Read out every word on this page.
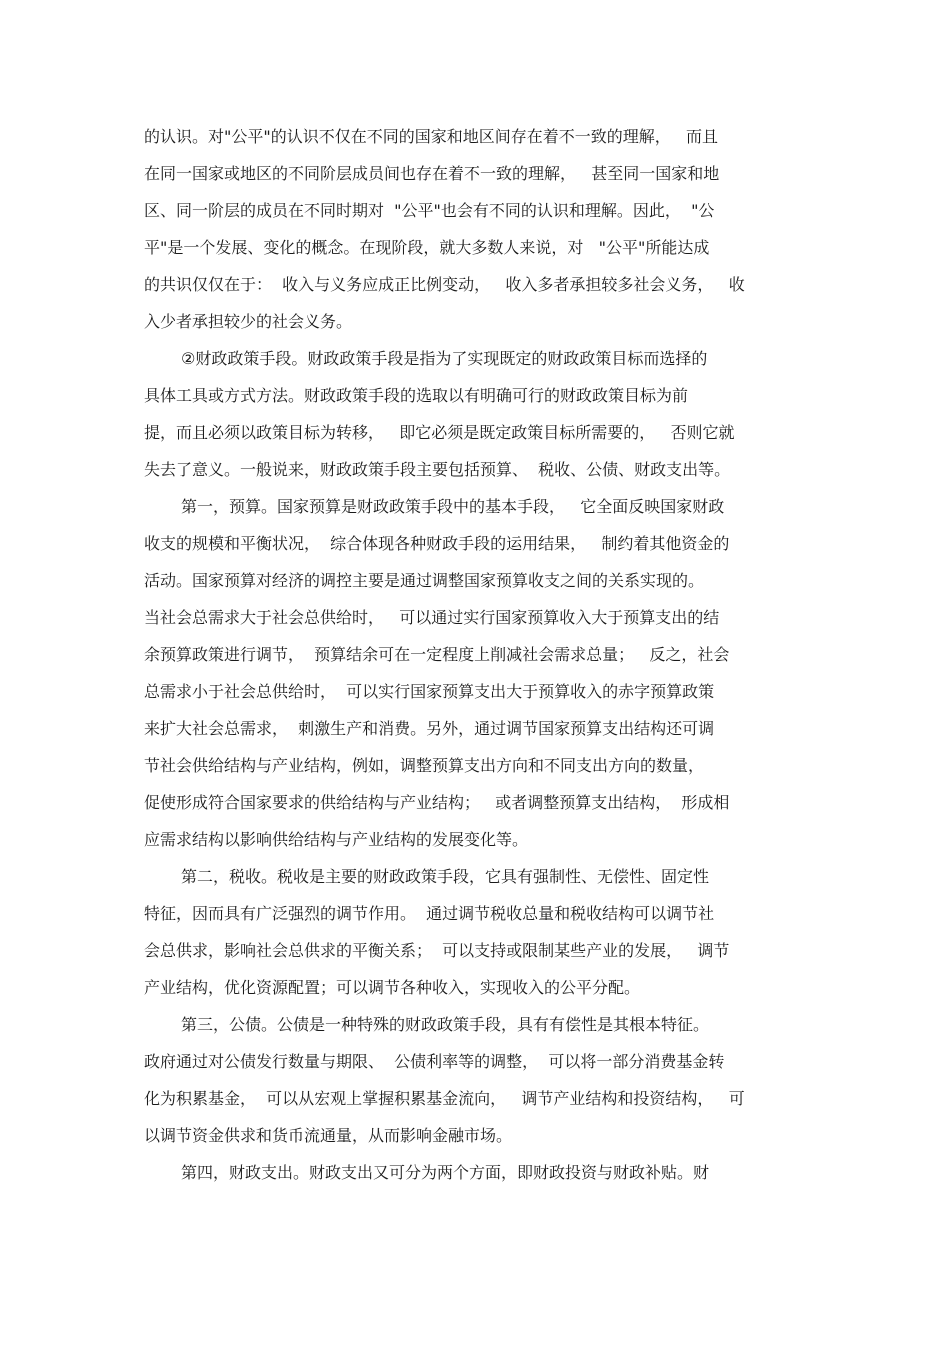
的认识。对"公平"的认识不仅在不同的国家和地区间存在着不一致的理解，   而且
在同一国家或地区的不同阶层成员间也存在着不一致的理解，   甚至同一国家和地
区、同一阶层的成员在不同时期对  "公平"也会有不同的认识和理解。因此，  "公
平"是一个发展、变化的概念。在现阶段，就大多数人来说，对   "公平"所能达成
的共识仅仅在于：  收入与义务应成正比例变动，   收入多者承担较多社会义务，   收
入少者承担较少的社会义务。
②财政政策手段。财政政策手段是指为了实现既定的财政政策目标而选择的
具体工具或方式方法。财政政策手段的选取以有明确可行的财政政策目标为前
提，而且必须以政策目标为转移，   即它必须是既定政策目标所需要的，   否则它就
失去了意义。一般说来，财政政策手段主要包括预算、  税收、公债、财政支出等。
第一，预算。国家预算是财政政策手段中的基本手段，   它全面反映国家财政
收支的规模和平衡状况，  综合体现各种财政手段的运用结果，   制约着其他资金的
活动。国家预算对经济的调控主要是通过调整国家预算收支之间的关系实现的。
当社会总需求大于社会总供给时，   可以通过实行国家预算收入大于预算支出的结
余预算政策进行调节，  预算结余可在一定程度上削减社会需求总量；   反之，社会
总需求小于社会总供给时，  可以实行国家预算支出大于预算收入的赤字预算政策
来扩大社会总需求，  刺激生产和消费。另外，通过调节国家预算支出结构还可调
节社会供给结构与产业结构，例如，调整预算支出方向和不同支出方向的数量，
促使形成符合国家要求的供给结构与产业结构；   或者调整预算支出结构，  形成相
应需求结构以影响供给结构与产业结构的发展变化等。
第二，税收。税收是主要的财政政策手段，它具有强制性、无偿性、固定性
特征，因而具有广泛强烈的调节作用。  通过调节税收总量和税收结构可以调节社
会总供求，影响社会总供求的平衡关系；  可以支持或限制某些产业的发展，   调节
产业结构，优化资源配置；可以调节各种收入，实现收入的公平分配。
第三，公债。公债是一种特殊的财政政策手段，具有有偿性是其根本特征。
政府通过对公债发行数量与期限、  公债利率等的调整，  可以将一部分消费基金转
化为积累基金，  可以从宏观上掌握积累基金流向，   调节产业结构和投资结构，   可
以调节资金供求和货币流通量，从而影响金融市场。
第四，财政支出。财政支出又可分为两个方面，即财政投资与财政补贴。财
